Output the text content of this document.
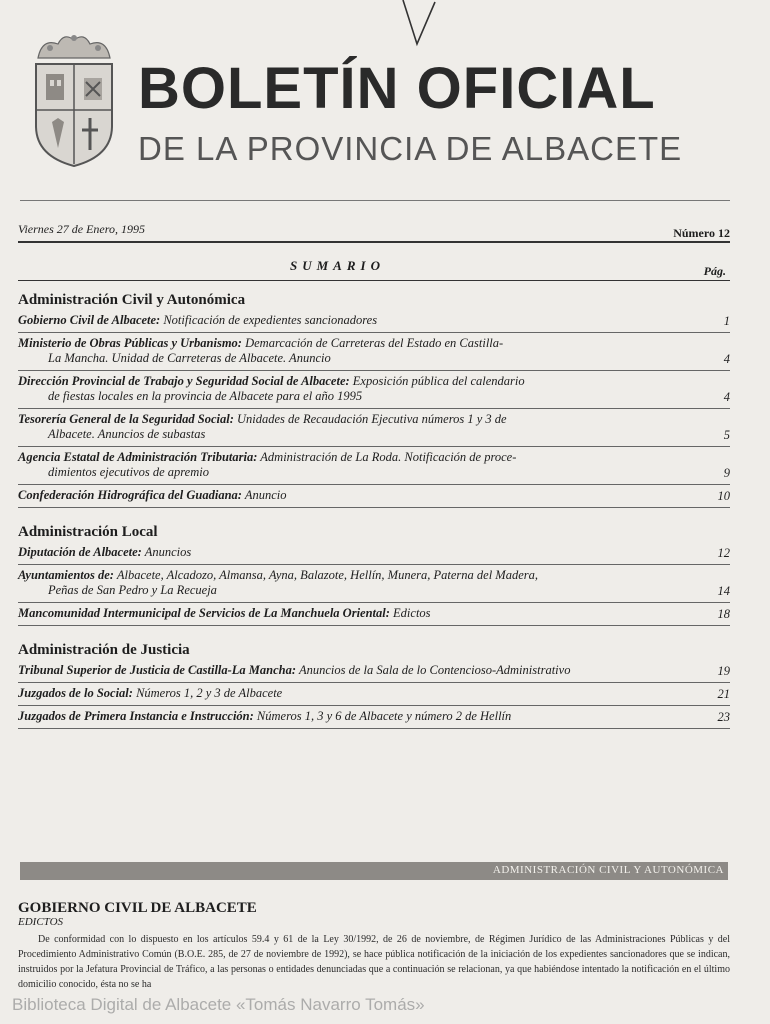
BOLETÍN OFICIAL
DE LA PROVINCIA DE ALBACETE
Viernes 27 de Enero, 1995	Número 12
SUMARIO	Pág.
Administración Civil y Autonómica
Gobierno Civil de Albacete: Notificación de expedientes sancionadores	1
Ministerio de Obras Públicas y Urbanismo: Demarcación de Carreteras del Estado en Castilla-
La Mancha. Unidad de Carreteras de Albacete. Anuncio	4
Dirección Provincial de Trabajo y Seguridad Social de Albacete: Exposición pública del calendario
de fiestas locales en la provincia de Albacete para el año 1995	4
Tesorería General de la Seguridad Social: Unidades de Recaudación Ejecutiva números 1 y 3 de
Albacete. Anuncios de subastas	5
Agencia Estatal de Administración Tributaria: Administración de La Roda. Notificación de proce-
dimientos ejecutivos de apremio	9
Confederación Hidrográfica del Guadiana: Anuncio	10
Administración Local
Diputación de Albacete: Anuncios	12
Ayuntamientos de: Albacete, Alcadozo, Almansa, Ayna, Balazote, Hellín, Munera, Paterna del Madera,
Peñas de San Pedro y La Recueja	14
Mancomunidad Intermunicipal de Servicios de La Manchuela Oriental: Edictos	18
Administración de Justicia
Tribunal Superior de Justicia de Castilla-La Mancha: Anuncios de la Sala de lo Contencioso-Administrativo	19
Juzgados de lo Social: Números 1, 2 y 3 de Albacete	21
Juzgados de Primera Instancia e Instrucción: Números 1, 3 y 6 de Albacete y número 2 de Hellín	23
ADMINISTRACIÓN CIVIL Y AUTONÓMICA
GOBIERNO CIVIL DE ALBACETE
EDICTOS
De conformidad con lo dispuesto en los artículos 59.4 y 61 de la Ley 30/1992, de 26 de noviembre, de Régimen Jurídico de las Administraciones Públicas y del Procedimiento Administrativo Común (B.O.E. 285, de 27 de noviembre de 1992), se hace pública notificación de la iniciación de los expedientes sancionadores que se indican, instruidos por la Jefatura Provincial de Tráfico, a las personas o entidades denunciadas que a continuación se relacionan, ya que habiéndose intentado la notificación en el último domicilio conocido, ésta no se ha
Biblioteca Digital de Albacete «Tomás Navarro Tomás»
